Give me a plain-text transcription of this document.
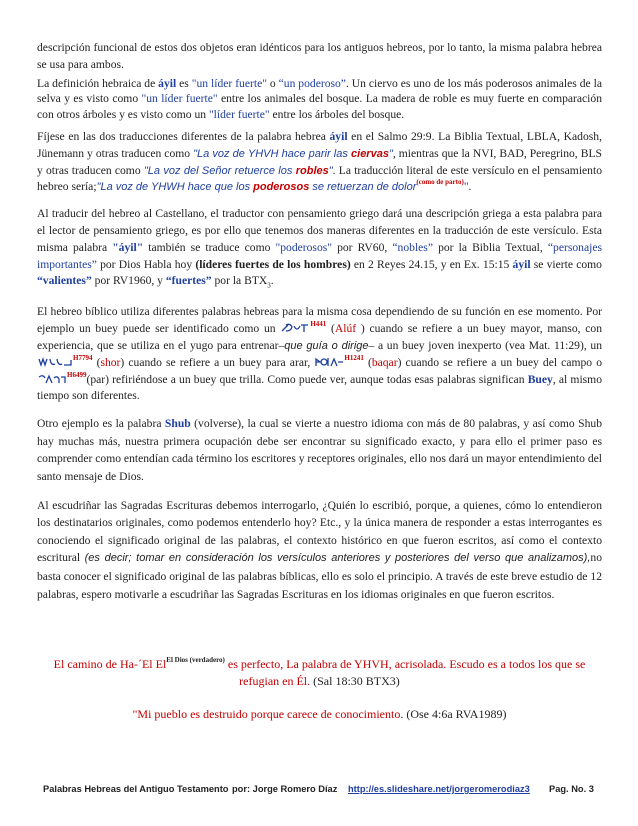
descripción funcional de estos dos objetos eran idénticos para los antiguos hebreos, por lo tanto, la misma palabra hebrea se usa para ambos.

La definición hebraica de áyil es "un líder fuerte" o “un poderoso”. Un ciervo es uno de los más poderosos animales de la selva y es visto como "un líder fuerte" entre los animales del bosque. La madera de roble es muy fuerte en comparación con otros árboles y es visto como un "líder fuerte" entre los árboles del bosque.

Fíjese en las dos traducciones diferentes de la palabra hebrea áyil en el Salmo 29:9. La Biblia Textual, LBLA, Kadosh, Jünemann y otras traducen como "La voz de YHVH hace parir las ciervas", mientras que la NVI, BAD, Peregrino, BLS y otras traducen como "La voz del Señor retuerce los robles". La traducción literal de este versículo en el pensamiento hebreo sería;"La voz de YHWH hace que los poderosos se retuerzan de dolor$^{(como de parto)}$".

Al traducir del hebreo al Castellano, el traductor con pensamiento griego dará una descripción griega a esta palabra para el lector de pensamiento griego, es por ello que tenemos dos maneras diferentes en la traducción de este versículo. Esta misma palabra "áyil" también se traduce como "poderosos" por RV60, “nobles” por la Biblia Textual, “personajes importantes” por Dios Habla hoy (líderes fuertes de los hombres) en 2 Reyes 24.15, y en Ex. 15:15 áyil se vierte como “valientes” por RV1960, y “fuertes” por la $BTX_3$.

El hebreo bíblico utiliza diferentes palabras hebreas para la misma cosa dependiendo de su función en ese momento. Por ejemplo un buey puede ser identificado como un	$^{H441}$ (Alúf ) cuando se refiere a un buey mayor, manso, con experiencia, que se utiliza en el yugo para entrenar–que guía o dirige– a un buey joven inexperto (vea Mat. 11:29), un $^{H7794}$ (shor) cuando se refiere a un buey para arar,	$^{H1241}$ (baqar) cuando se refiere a un buey del campo o $^{H6499}$(par) refiriéndose a un buey que trilla. Como puede ver, aunque todas esas palabras significan Buey, al mismo tiempo son diferentes.

Otro ejemplo es la palabra Shub (volverse), la cual se vierte a nuestro idioma con más de 80 palabras, y así como Shub hay muchas más, nuestra primera ocupación debe ser encontrar su significado exacto, y para ello el primer paso es comprender como entendían cada término los escritores y receptores originales, ello nos dará un mayor entendimiento del santo mensaje de Dios.

Al escudriñar las Sagradas Escrituras debemos interrogarlo, ¿Quién lo escribió, porque, a quienes, cómo lo entendieron los destinatarios originales, como podemos entenderlo hoy? Etc., y la única manera de responder a estas interrogantes es conociendo el significado original de las palabras, el contexto histórico en que fueron escritos, así como el contexto escritural (es decir; tomar en consideración los versículos anteriores y posteriores del verso que analizamos),no basta conocer el significado original de las palabras bíblicas, ello es solo el principio. A través de este breve estudio de 12 palabras, espero motivarle a escudriñar las Sagradas Escrituras en los idiomas originales en que fueron escritos.

El camino de Ha-´El El$^{El Dios (verdadero)}$ es perfecto, La palabra de YHVH, acrisolada. Escudo es a todos los que se refugian en Él. (Sal 18:30 BTX3)
"Mi pueblo es destruido porque carece de conocimiento. (Ose 4:6a RVA1989)
Palabras Hebreas del Antiguo Testamento por: Jorge Romero Díaz http://es.slideshare.net/jorgeromerodiaz3 Pag. No. 3
